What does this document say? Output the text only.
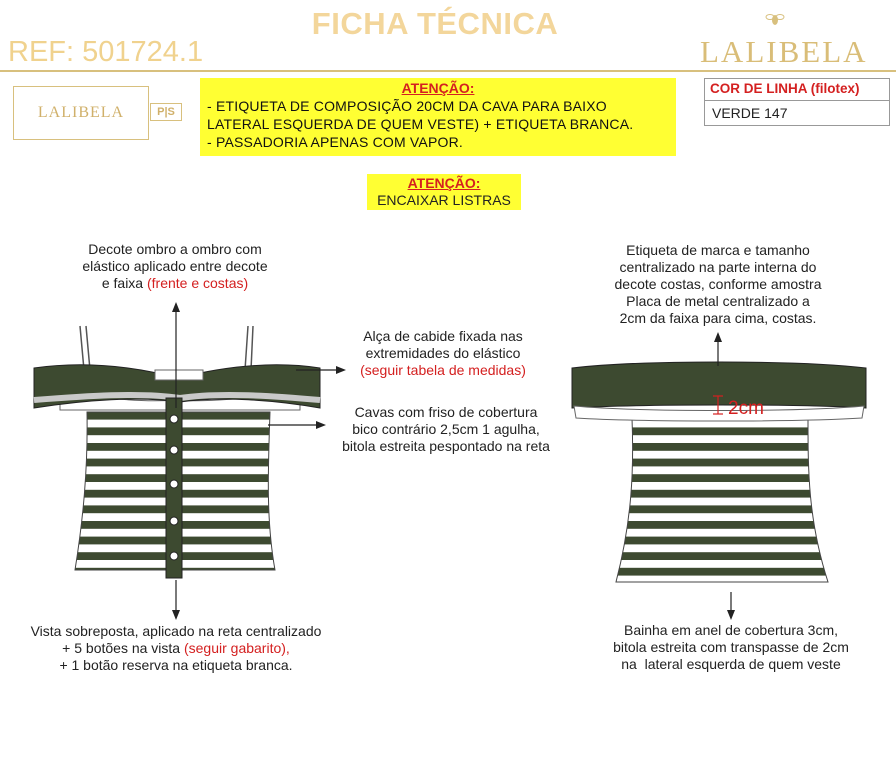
FICHA TÉCNICA
REF: 501724.1	LALIBELA
LALIBELA	P|S
ATENÇÃO:
- ETIQUETA DE COMPOSIÇÃO 20CM DA CAVA PARA BAIXO
LATERAL ESQUERDA DE QUEM VESTE) + ETIQUETA BRANCA.
- PASSADORIA APENAS COM VAPOR.
COR DE LINHA (filotex)
VERDE 147
ATENÇÃO:
ENCAIXAR LISTRAS
2cm
Decote ombro a ombro com
elástico aplicado entre decote
e faixa (frente e costas)
Alça de cabide fixada nas
extremidades do elástico
(seguir tabela de medidas)
Cavas com friso de cobertura
bico contrário 2,5cm 1 agulha,
bitola estreita pespontado na reta
Vista sobreposta, aplicado na reta centralizado
+ 5 botões na vista (seguir gabarito),
+ 1 botão reserva na etiqueta branca.
Etiqueta de marca e tamanho
centralizado na parte interna do
decote costas, conforme amostra
Placa de metal centralizado a
2cm da faixa para cima, costas.
Bainha em anel de cobertura 3cm,
bitola estreita com transpasse de 2cm
na  lateral esquerda de quem veste
